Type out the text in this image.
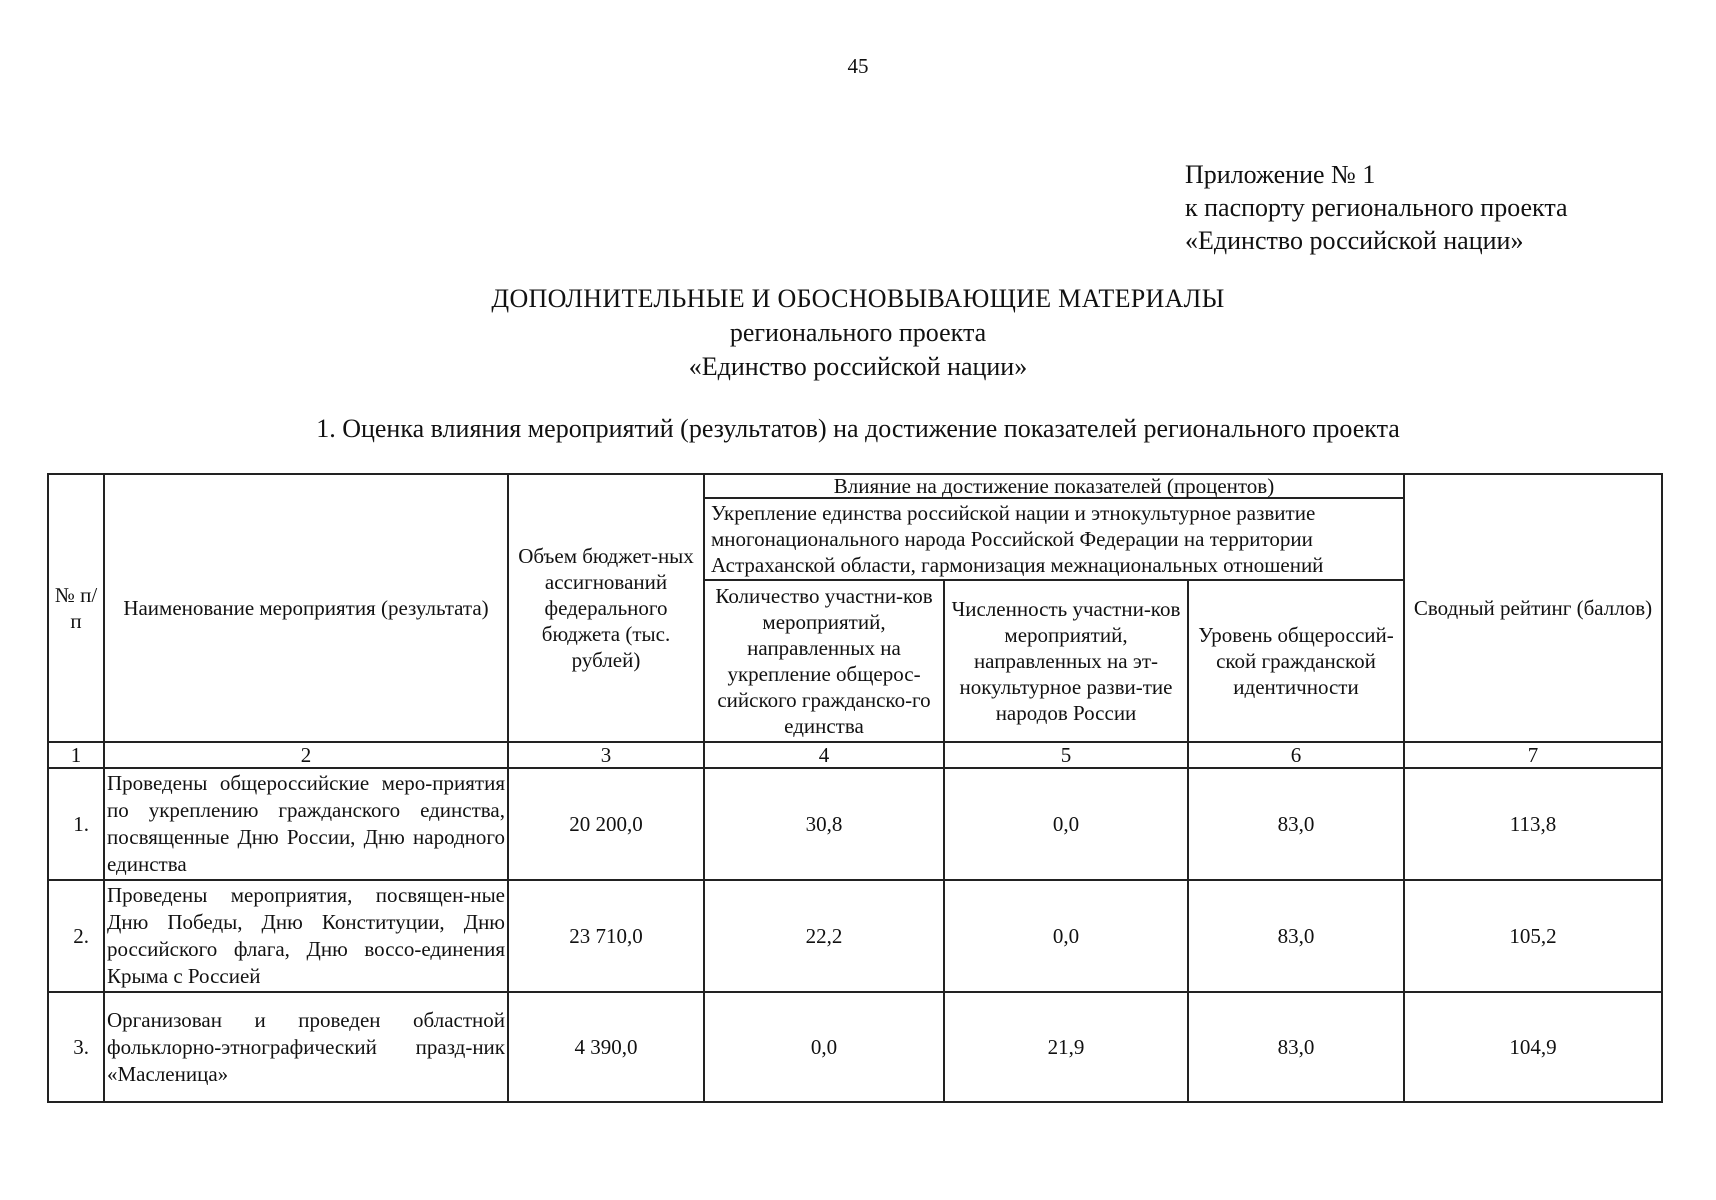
45
Приложение № 1
к паспорту регионального проекта
«Единство российской нации»
ДОПОЛНИТЕЛЬНЫЕ И ОБОСНОВЫВАЮЩИЕ МАТЕРИАЛЫ
регионального проекта
«Единство российской нации»
1. Оценка влияния мероприятий (результатов) на достижение показателей регионального проекта
№ п/п	Наименование мероприятия (результата)	Объем бюджет-ных ассигнований федерального бюджета (тыс. рублей)	Влияние на достижение показателей (процентов)			Сводный рейтинг (баллов)
			Укрепление единства российской нации и этнокультурное развитие многонационального народа Российской Федерации на территории Астраханской области, гармонизация межнациональных отношений			
			Количество участни-ков мероприятий, направленных на укрепление общерос-сийского гражданско-го единства	Численность участни-ков мероприятий, направленных на эт-нокультурное разви-тие народов России	Уровень общероссий-ской гражданской идентичности	
1	2	3	4	5	6	7
1.	Проведены общероссийские меро-приятия по укреплению гражданского единства, посвященные Дню России, Дню народного единства	20 200,0	30,8	0,0	83,0	113,8
2.	Проведены мероприятия, посвящен-ные Дню Победы, Дню Конституции, Дню российского флага, Дню воссо-единения Крыма с Россией	23 710,0	22,2	0,0	83,0	105,2
3.	Организован и проведен областной фольклорно-этнографический празд-ник «Масленица»	4 390,0	0,0	21,9	83,0	104,9
